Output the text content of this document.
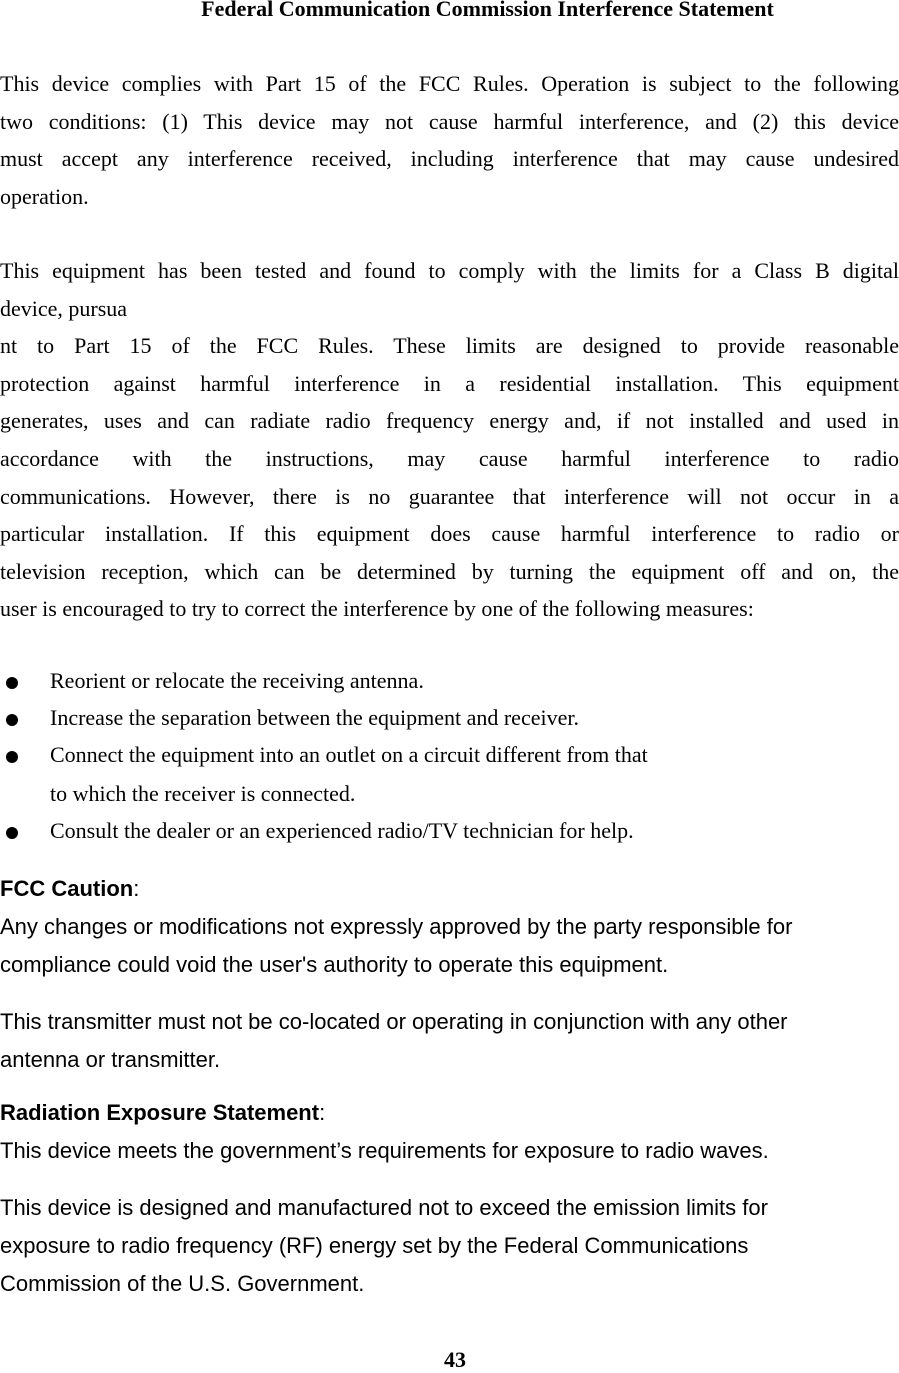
Federal Communication Commission Interference Statement
This device complies with Part 15 of the FCC Rules. Operation is subject to the following
two conditions: (1) This device may not cause harmful interference, and (2) this device
must accept any interference received, including interference that may cause undesired
operation.
This equipment has been tested and found to comply with the limits for a Class B digital
device, pursua
nt to Part 15 of the FCC Rules. These limits are designed to provide reasonable
protection against harmful interference in a residential installation. This equipment
generates, uses and can radiate radio frequency energy and, if not installed and used in
accordance with the instructions, may cause harmful interference to radio
communications. However, there is no guarantee that interference will not occur in a
particular installation. If this equipment does cause harmful interference to radio or
television reception, which can be determined by turning the equipment off and on, the
user is encouraged to try to correct the interference by one of the following measures:
Reorient or relocate the receiving antenna.
Increase the separation between the equipment and receiver.
Connect the equipment into an outlet on a circuit different from that
to which the receiver is connected.
Consult the dealer or an experienced radio/TV technician for help.
FCC Caution:
Any changes or modifications not expressly approved by the party responsible for
compliance could void the user's authority to operate this equipment.
This transmitter must not be co-located or operating in conjunction with any other
antenna or transmitter.
Radiation Exposure Statement:
This device meets the government’s requirements for exposure to radio waves.
This device is designed and manufactured not to exceed the emission limits for
exposure to radio frequency (RF) energy set by the Federal Communications
Commission of the U.S. Government.
43
